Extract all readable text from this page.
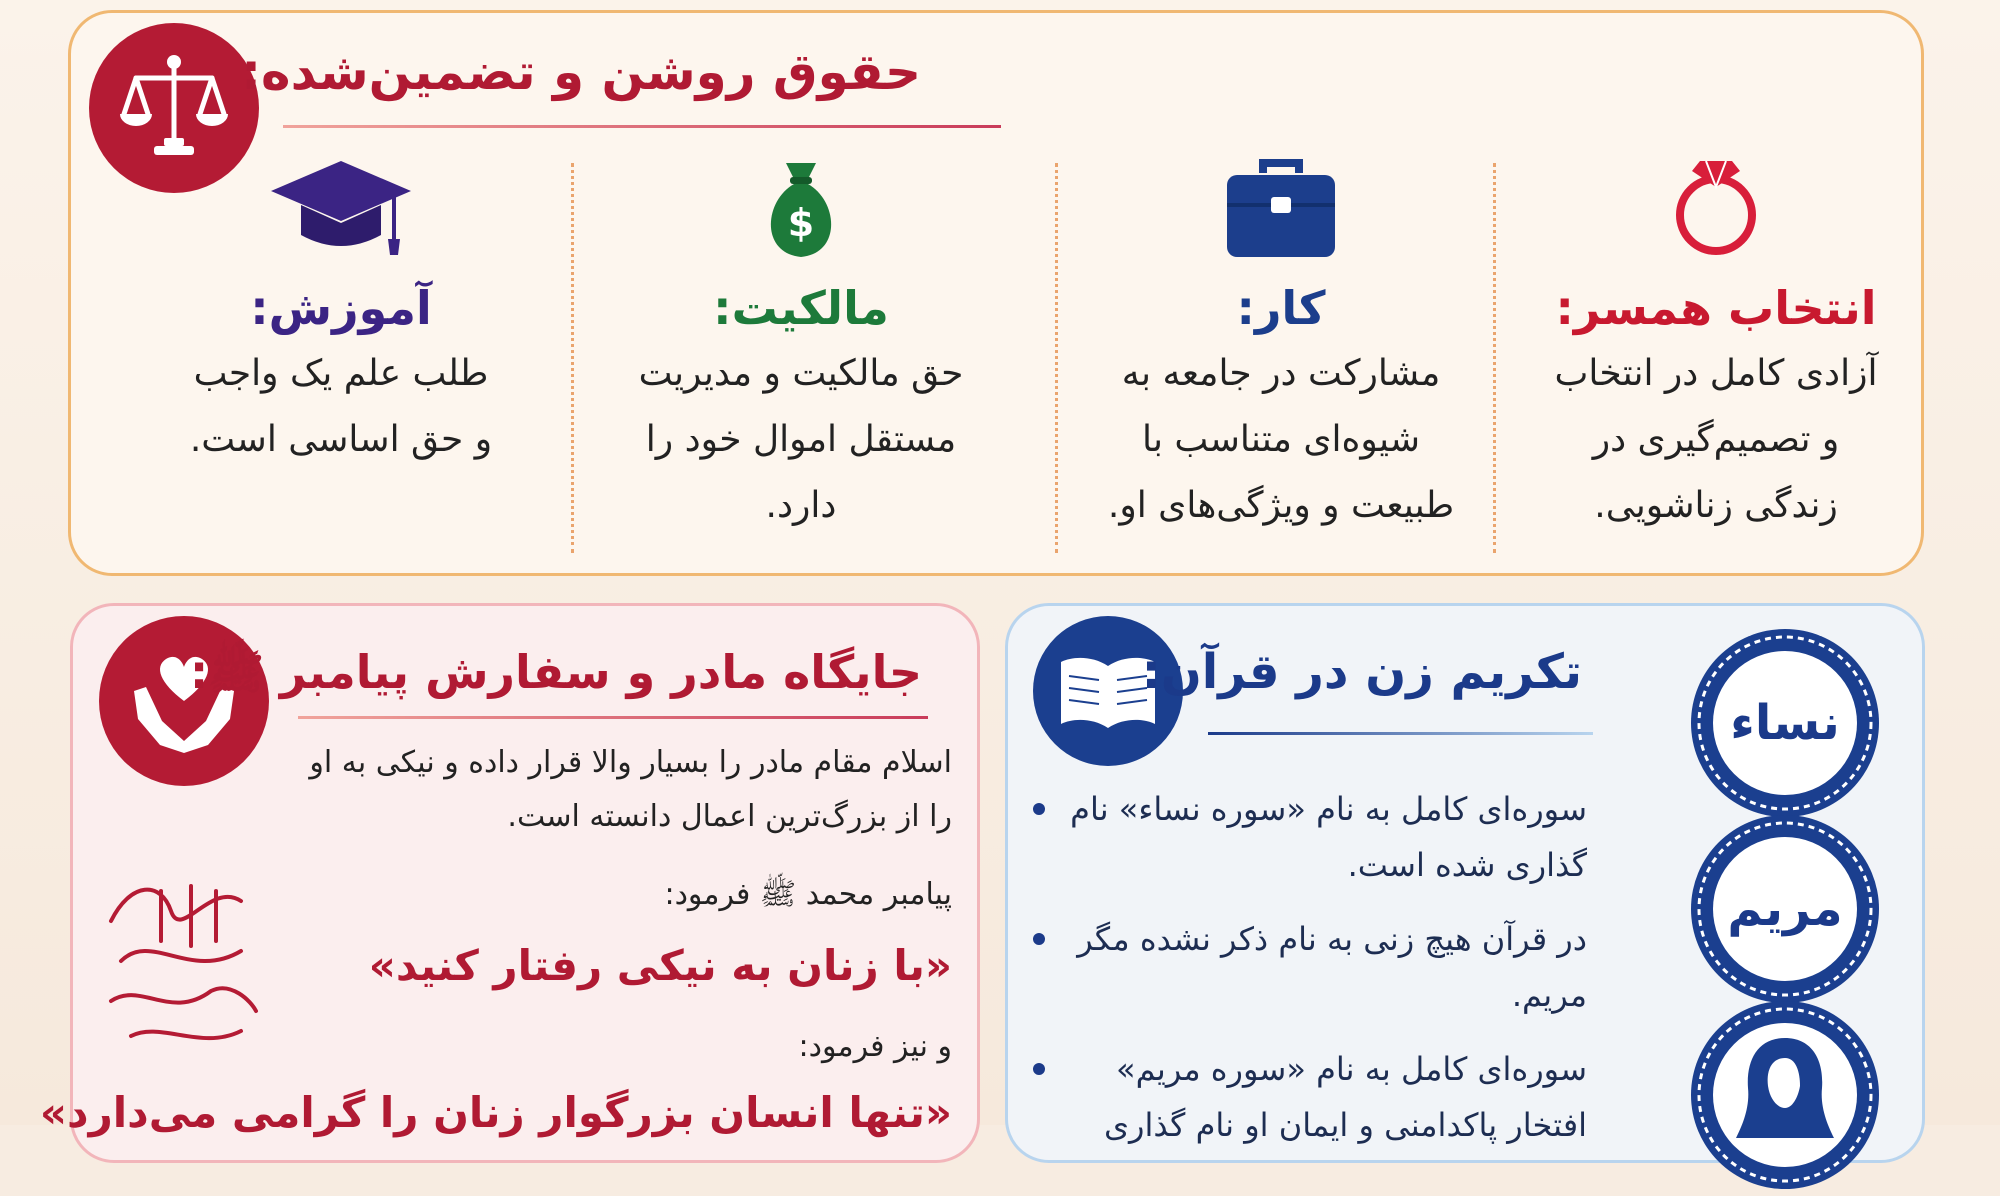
حقوق روشن و تضمین‌شده:
آموزش:
طلب علم یک واجب
و حق اساسی است.
$
مالکیت:
حق مالکیت و مدیریت
مستقل اموال خود را
دارد.
کار:
مشارکت در جامعه به
شیوه‌ای متناسب با
طبیعت و ویژگی‌های او.
انتخاب همسر:
آزادی کامل در انتخاب
و تصمیم‌گیری در
زندگی زناشویی.
جایگاه مادر و سفارش پیامبر ﷺ:
اسلام مقام مادر را بسیار والا قرار داده و نیکی به او را از بزرگ‌ترین اعمال دانسته است.
پیامبر محمد ﷺ فرمود:
«با زنان به نیکی رفتار کنید»
و نیز فرمود:
«تنها انسان بزرگوار زنان را گرامی می‌دارد»
تکریم زن در قرآن:
سوره‌ای کامل به نام «سوره نساء» نام گذاری شده است.
در قرآن هیچ زنی به نام ذکر نشده مگر مریم.
سوره‌ای کامل به نام «سوره مریم» افتخار پاکدامنی و ایمان او نام گذاری
نساء
مریم
